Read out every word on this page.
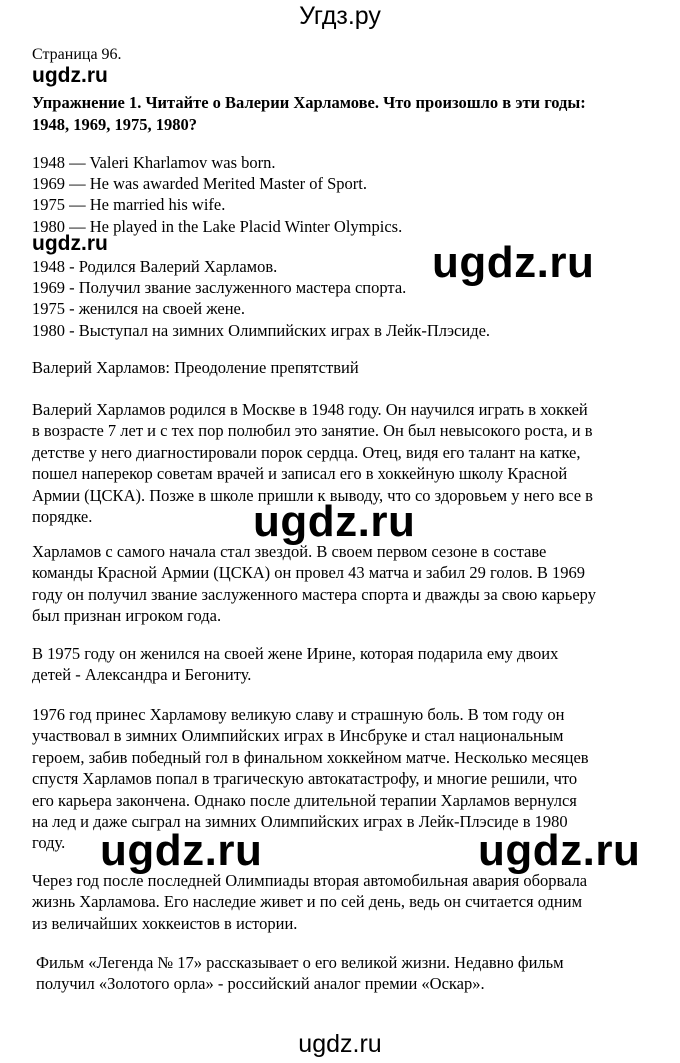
Угдз.ру
Страница 96.
ugdz.ru
Упражнение 1. Читайте о Валерии Харламове. Что произошло в эти годы:
1948, 1969, 1975, 1980?
1948 — Valeri Kharlamov was born.
1969 — He was awarded Merited Master of Sport.
1975 — He married his wife.
1980 — He played in the Lake Placid Winter Olympics.
ugdz.ru
1948 - Родился Валерий Харламов.
1969 - Получил звание заслуженного мастера спорта.
1975 - женился на своей жене.
1980 - Выступал на зимних Олимпийских играх в Лейк-Плэсиде.
ugdz.ru
Валерий Харламов: Преодоление препятствий
Валерий Харламов родился в Москве в 1948 году. Он научился играть в хоккей
в возрасте 7 лет и с тех пор полюбил это занятие. Он был невысокого роста, и в
детстве у него диагностировали порок сердца. Отец, видя его талант на катке,
пошел наперекор советам врачей и записал его в хоккейную школу Красной
Армии (ЦСКА). Позже в школе пришли к выводу, что со здоровьем у него все в
порядке.	ugdz.ru
Харламов с самого начала стал звездой. В своем первом сезоне в составе
команды Красной Армии (ЦСКА) он провел 43 матча и забил 29 голов. В 1969
году он получил звание заслуженного мастера спорта и дважды за свою карьеру
был признан игроком года.
В 1975 году он женился на своей жене Ирине, которая подарила ему двоих
детей - Александра и Бегониту.
1976 год принес Харламову великую славу и страшную боль. В том году он
участвовал в зимних Олимпийских играх в Инсбруке и стал национальным
героем, забив победный гол в финальном хоккейном матче. Несколько месяцев
спустя Харламов попал в трагическую автокатастрофу, и многие решили, что
его карьера закончена. Однако после длительной терапии Харламов вернулся
на лед и даже сыграл на зимних Олимпийских играх в Лейк-Плэсиде в 1980
году. ugdz.ru	ugdz.ru
Через год после последней Олимпиады вторая автомобильная авария оборвала
жизнь Харламова. Его наследие живет и по сей день, ведь он считается одним
из величайших хоккеистов в истории.
Фильм «Легенда № 17» рассказывает о его великой жизни. Недавно фильм
получил «Золотого орла» - российский аналог премии «Оскар».
ugdz.ru
